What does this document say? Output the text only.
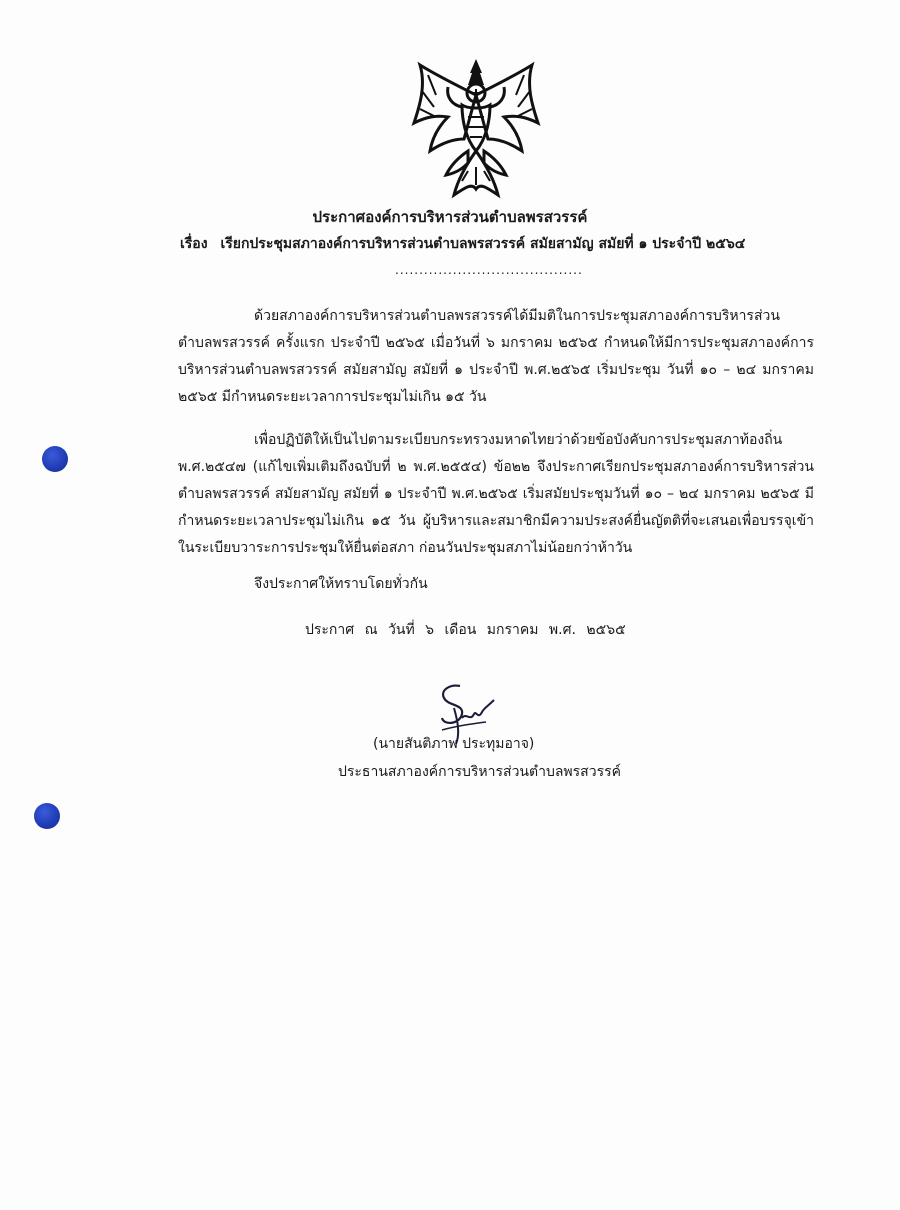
ประกาศองค์การบริหารส่วนตำบลพรสวรรค์
เรื่อง เรียกประชุมสภาองค์การบริหารส่วนตำบลพรสวรรค์ สมัยสามัญ สมัยที่ ๑ ประจำปี ๒๕๖๔
.......................................
ด้วยสภาองค์การบริหารส่วนตำบลพรสวรรค์ได้มีมติในการประชุมสภาองค์การบริหารส่วนตำบลพรสวรรค์ ครั้งแรก ประจำปี ๒๕๖๕ เมื่อวันที่ ๖ มกราคม ๒๕๖๕ กำหนดให้มีการประชุมสภาองค์การบริหารส่วนตำบลพรสวรรค์ สมัยสามัญ สมัยที่ ๑ ประจำปี พ.ศ.๒๕๖๕ เริ่มประชุม วันที่ ๑๐ – ๒๔ มกราคม ๒๕๖๕ มีกำหนดระยะเวลาการประชุมไม่เกิน ๑๕ วัน
เพื่อปฏิบัติให้เป็นไปตามระเบียบกระทรวงมหาดไทยว่าด้วยข้อบังคับการประชุมสภาท้องถิ่น พ.ศ.๒๕๔๗ (แก้ไขเพิ่มเติมถึงฉบับที่ ๒ พ.ศ.๒๕๕๔) ข้อ๒๒ จึงประกาศเรียกประชุมสภาองค์การบริหารส่วนตำบลพรสวรรค์ สมัยสามัญ สมัยที่ ๑ ประจำปี พ.ศ.๒๕๖๕ เริ่มสมัยประชุมวันที่ ๑๐ – ๒๔ มกราคม ๒๕๖๕ มีกำหนดระยะเวลาประชุมไม่เกิน ๑๕ วัน ผู้บริหารและสมาชิกมีความประสงค์ยื่นญัตติที่จะเสนอเพื่อบรรจุเข้าในระเบียบวาระการประชุมให้ยื่นต่อสภา ก่อนวันประชุมสภาไม่น้อยกว่าห้าวัน
จึงประกาศให้ทราบโดยทั่วกัน
ประกาศ ณ วันที่ ๖ เดือน มกราคม พ.ศ. ๒๕๖๕
(นายสันติภาพ ประทุมอาจ)
ประธานสภาองค์การบริหารส่วนตำบลพรสวรรค์
